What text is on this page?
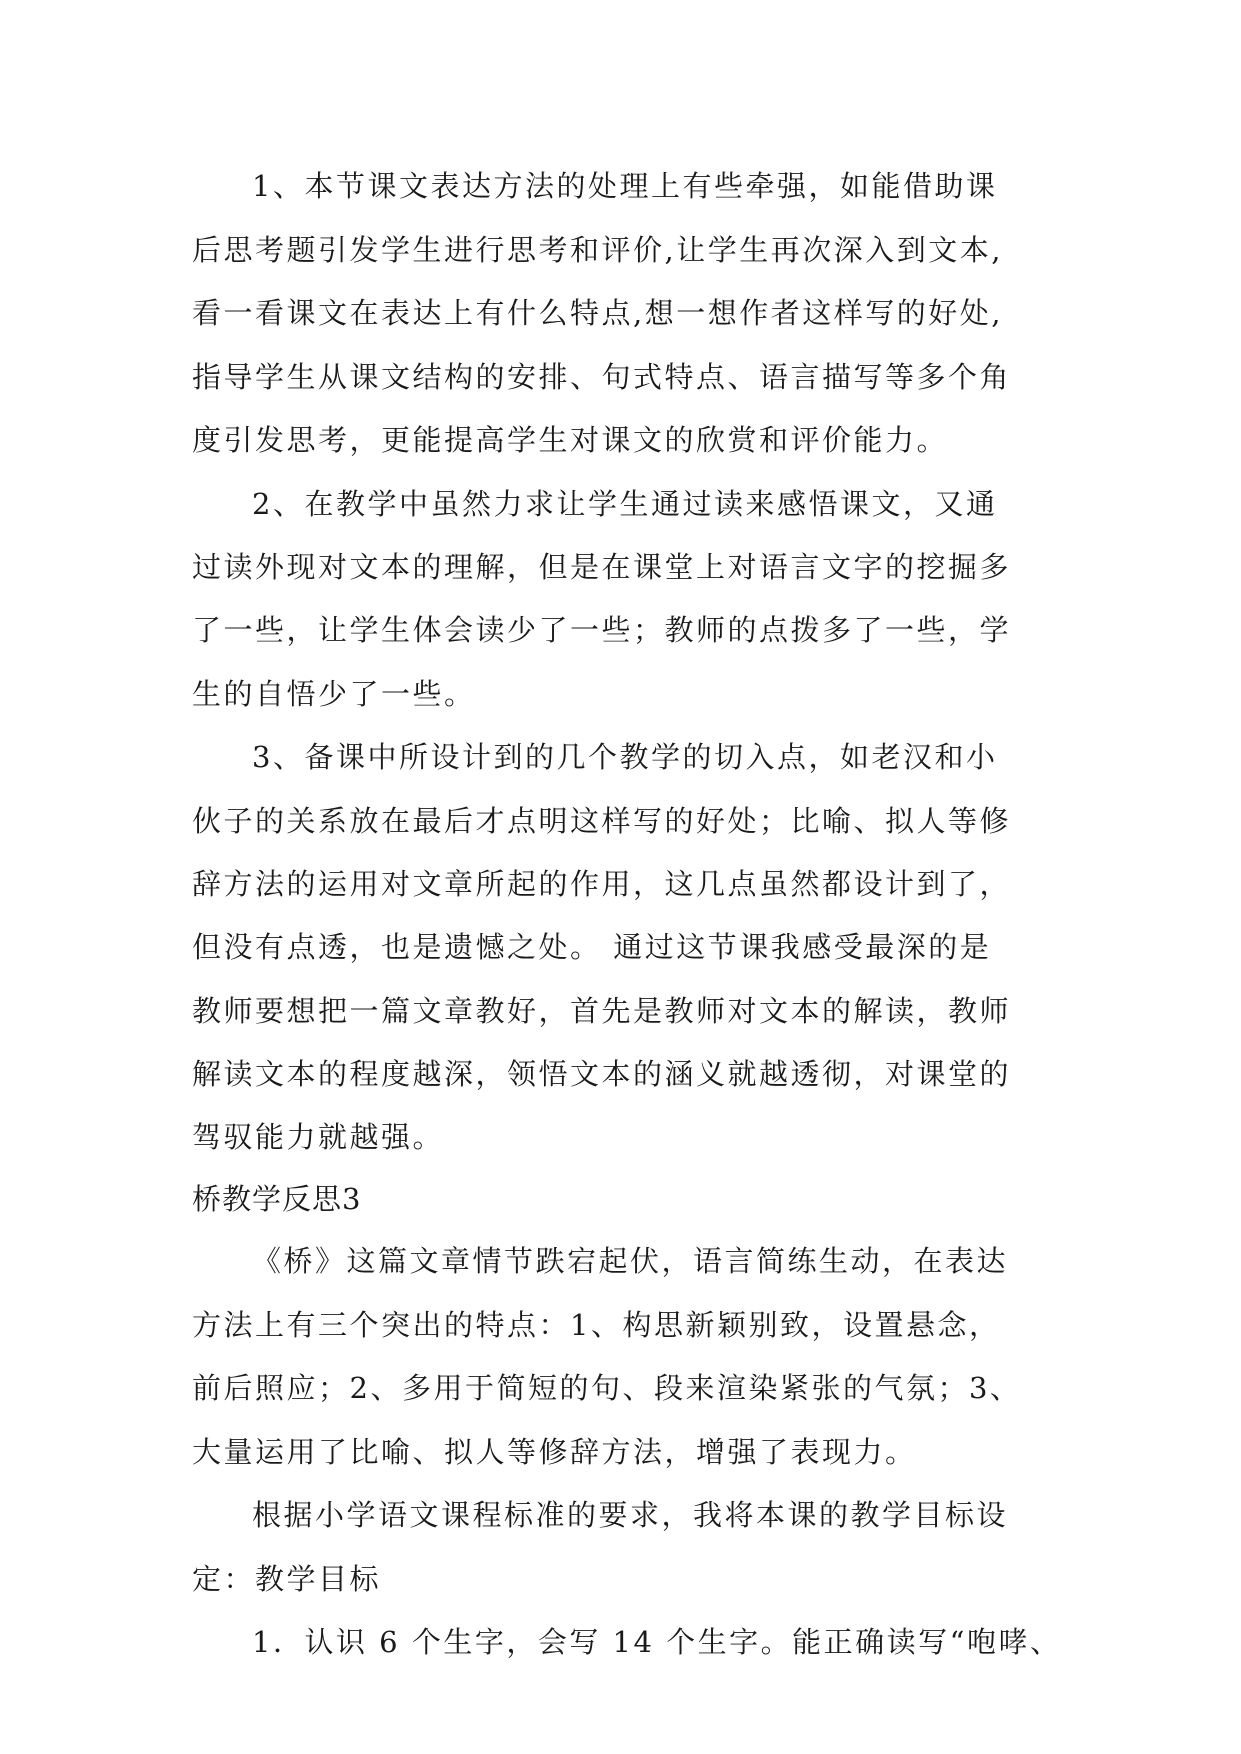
1、本节课文表达方法的处理上有些牵强，如能借助课
后思考题引发学生进行思考和评价,让学生再次深入到文本,
看一看课文在表达上有什么特点,想一想作者这样写的好处,
指导学生从课文结构的安排、句式特点、语言描写等多个角
度引发思考，更能提高学生对课文的欣赏和评价能力。
2、在教学中虽然力求让学生通过读来感悟课文，又通
过读外现对文本的理解，但是在课堂上对语言文字的挖掘多
了一些，让学生体会读少了一些；教师的点拨多了一些，学
生的自悟少了一些。
3、备课中所设计到的几个教学的切入点，如老汉和小
伙子的关系放在最后才点明这样写的好处；比喻、拟人等修
辞方法的运用对文章所起的作用，这几点虽然都设计到了，
但没有点透，也是遗憾之处。 通过这节课我感受最深的是
教师要想把一篇文章教好，首先是教师对文本的解读，教师
解读文本的程度越深，领悟文本的涵义就越透彻，对课堂的
驾驭能力就越强。
桥教学反思3
《桥》这篇文章情节跌宕起伏，语言简练生动，在表达
方法上有三个突出的特点：1、构思新颖别致，设置悬念，
前后照应；2、多用于简短的句、段来渲染紧张的气氛；3、
大量运用了比喻、拟人等修辞方法，增强了表现力。
根据小学语文课程标准的要求，我将本课的教学目标设
定：教学目标
1．认识 6 个生字，会写 14 个生字。能正确读写“咆哮、
